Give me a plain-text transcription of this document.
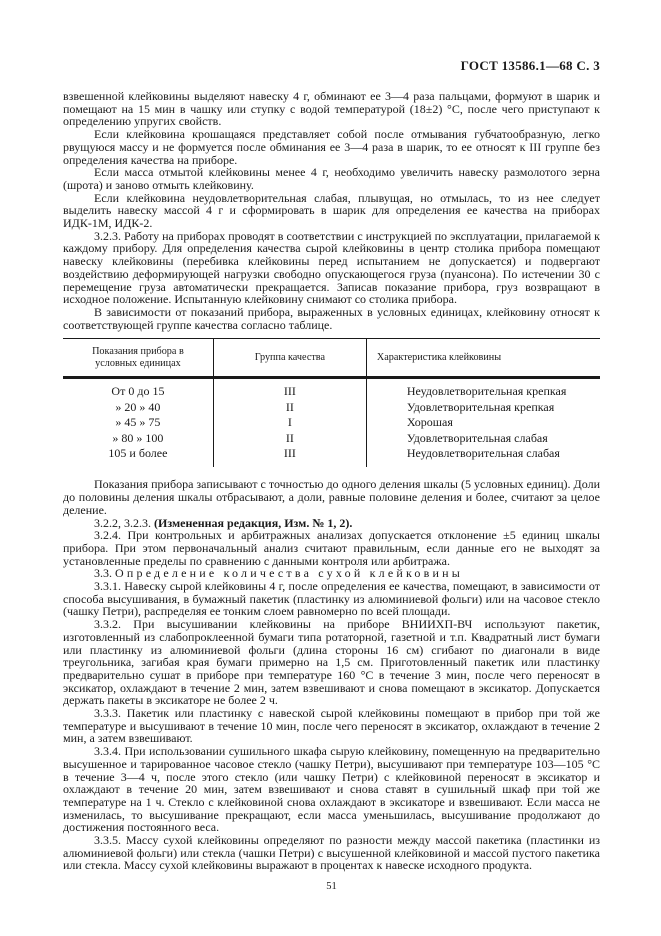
ГОСТ 13586.1—68 С. 3

взвешенной клейковины выделяют навеску 4 г, обминают ее 3—4 раза пальцами, формуют в шарик и помещают на 15 мин в чашку или ступку с водой температурой (18±2) °С, после чего приступают к определению упругих свойств.

Если клейковина крошащаяся представляет собой после отмывания губчатообразную, легко рвущуюся массу и не формуется после обминания ее 3—4 раза в шарик, то ее относят к III группе без определения качества на приборе.

Если масса отмытой клейковины менее 4 г, необходимо увеличить навеску размолотого зерна (шрота) и заново отмыть клейковину.

Если клейковина неудовлетворительная слабая, плывущая, но отмылась, то из нее следует выделить навеску массой 4 г и сформировать в шарик для определения ее качества на приборах ИДК-1М, ИДК-2.

3.2.3. Работу на приборах проводят в соответствии с инструкцией по эксплуатации, прилагаемой к каждому прибору. Для определения качества сырой клейковины в центр столика прибора помещают навеску клейковины (перебивка клейковины перед испытанием не допускается) и подвергают воздействию деформирующей нагрузки свободно опускающегося груза (пуансона). По истечении 30 с перемещение груза автоматически прекращается. Записав показание прибора, груз возвращают в исходное положение. Испытанную клейковину снимают со столика прибора.

В зависимости от показаний прибора, выраженных в условных единицах, клейковину относят к соответствующей группе качества согласно таблице.

Показания прибора в условных единицах	Группа качества	Характеристика клейковины
От 0 до 15	III	Неудовлетворительная крепкая
» 20 » 40	II	Удовлетворительная крепкая
» 45 » 75	I	Хорошая
» 80 » 100	II	Удовлетворительная слабая
105 и более	III	Неудовлетворительная слабая

Показания прибора записывают с точностью до одного деления шкалы (5 условных единиц). Доли до половины деления шкалы отбрасывают, а доли, равные половине деления и более, считают за целое деление.

3.2.2, 3.2.3. (Измененная редакция, Изм. № 1, 2).

3.2.4. При контрольных и арбитражных анализах допускается отклонение ±5 единиц шкалы прибора. При этом первоначальный анализ считают правильным, если данные его не выходят за установленные пределы по сравнению с данными контроля или арбитража.

3.3. Определение количества сухой клейковины

3.3.1. Навеску сырой клейковины 4 г, после определения ее качества, помещают, в зависимости от способа высушивания, в бумажный пакетик (пластинку из алюминиевой фольги) или на часовое стекло (чашку Петри), распределяя ее тонким слоем равномерно по всей площади.

3.3.2. При высушивании клейковины на приборе ВНИИХП-ВЧ используют пакетик, изготовленный из слабопроклеенной бумаги типа ротаторной, газетной и т.п. Квадратный лист бумаги или пластинку из алюминиевой фольги (длина стороны 16 см) сгибают по диагонали в виде треугольника, загибая края бумаги примерно на 1,5 см. Приготовленный пакетик или пластинку предварительно сушат в приборе при температуре 160 °С в течение 3 мин, после чего переносят в эксикатор, охлаждают в течение 2 мин, затем взвешивают и снова помещают в эксикатор. Допускается держать пакеты в эксикаторе не более 2 ч.

3.3.3. Пакетик или пластинку с навеской сырой клейковины помещают в прибор при той же температуре и высушивают в течение 10 мин, после чего переносят в эксикатор, охлаждают в течение 2 мин, а затем взвешивают.

3.3.4. При использовании сушильного шкафа сырую клейковину, помещенную на предварительно высушенное и тарированное часовое стекло (чашку Петри), высушивают при температуре 103—105 °С в течение 3—4 ч, после этого стекло (или чашку Петри) с клейковиной переносят в эксикатор и охлаждают в течение 20 мин, затем взвешивают и снова ставят в сушильный шкаф при той же температуре на 1 ч. Стекло с клейковиной снова охлаждают в эксикаторе и взвешивают. Если масса не изменилась, то высушивание прекращают, если масса уменьшилась, высушивание продолжают до достижения постоянного веса.

3.3.5. Массу сухой клейковины определяют по разности между массой пакетика (пластинки из алюминиевой фольги) или стекла (чашки Петри) с высушенной клейковиной и массой пустого пакетика или стекла. Массу сухой клейковины выражают в процентах к навеске исходного продукта.

51
